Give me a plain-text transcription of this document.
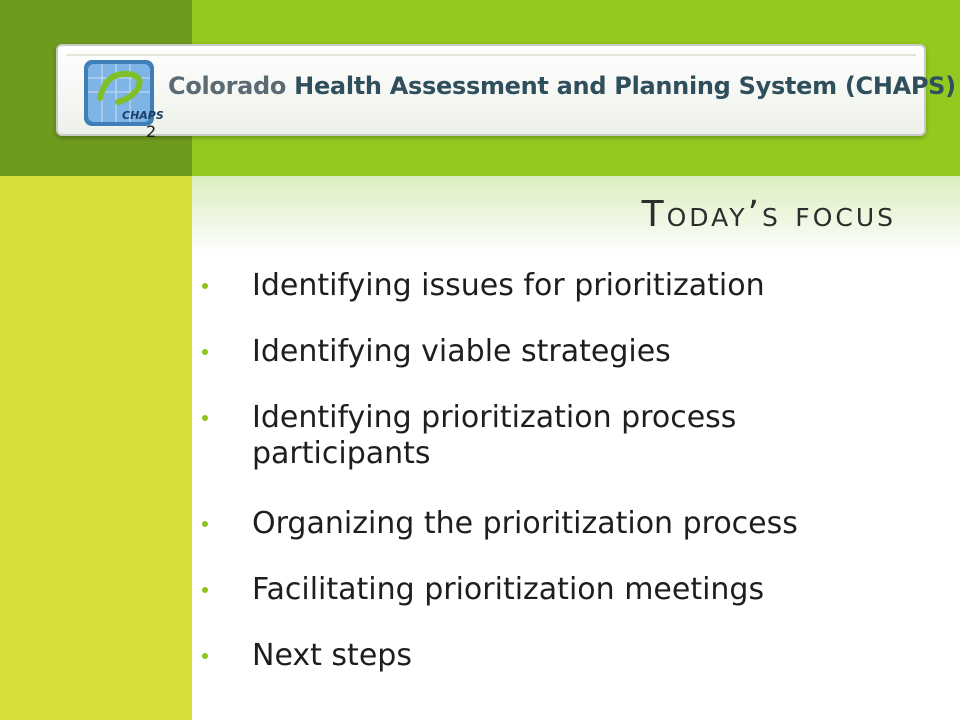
CHAPS
2
Colorado Health Assessment and Planning System (CHAPS)
Today’s focus
Identifying issues for prioritization
Identifying viable strategies
Identifying prioritization process participants
Organizing the prioritization process
Facilitating prioritization meetings
Next steps
